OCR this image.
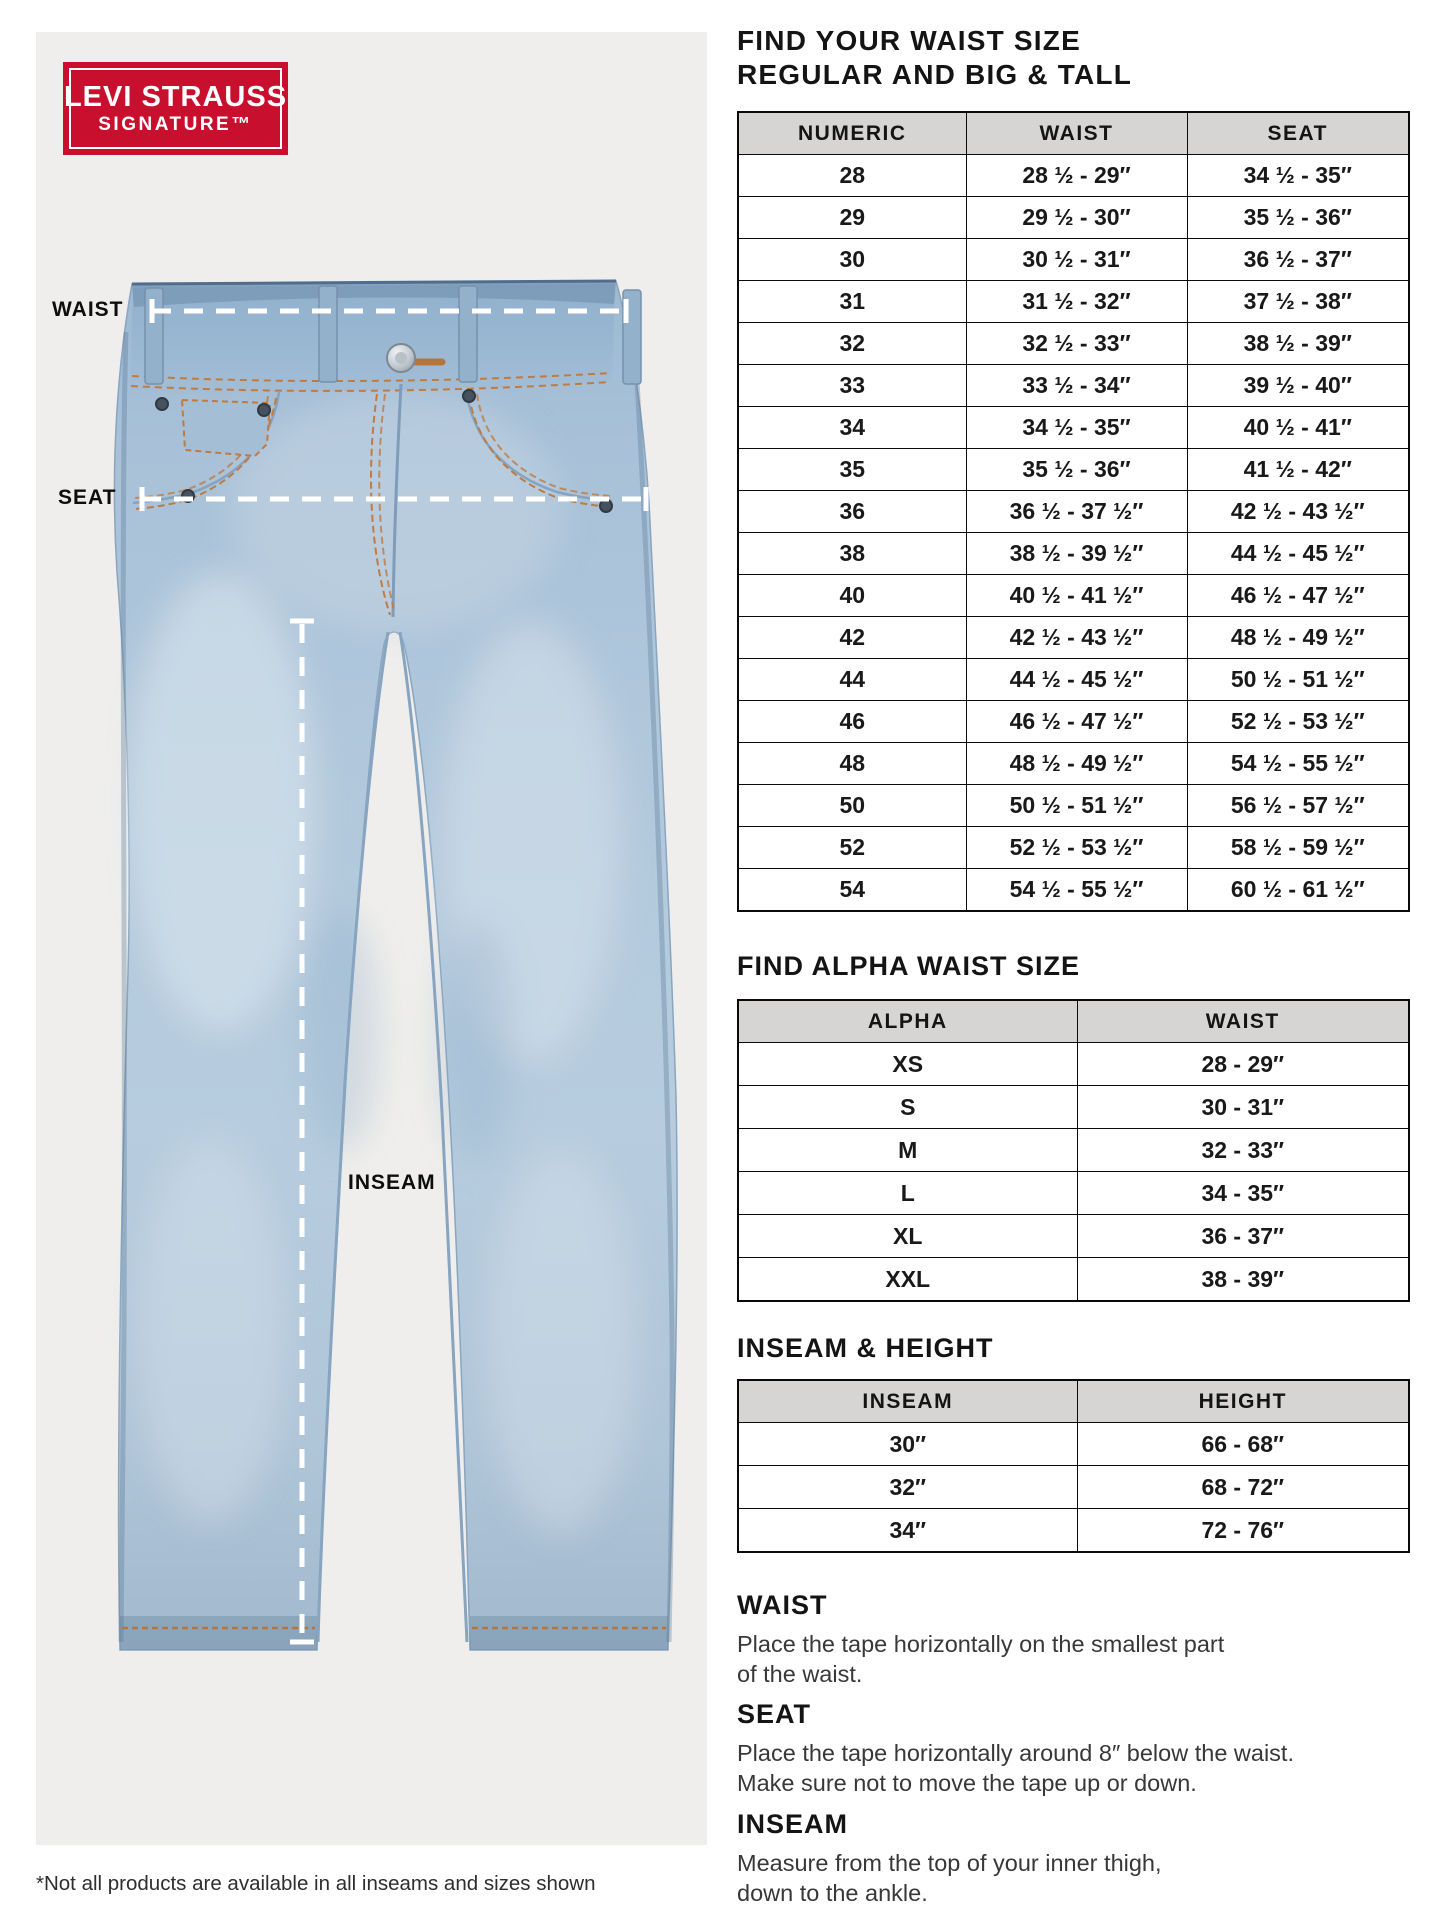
LEVI STRAUSS
SIGNATURE™
WAIST
SEAT
INSEAM
*Not all products are available in all inseams and sizes shown
FIND YOUR WAIST SIZE
REGULAR AND BIG & TALL
NUMERIC	WAIST	SEAT
28	28 ½ - 29″	34 ½ - 35″
29	29 ½ - 30″	35 ½ - 36″
30	30 ½ - 31″	36 ½ - 37″
31	31 ½ - 32″	37 ½ - 38″
32	32 ½ - 33″	38 ½ - 39″
33	33 ½ - 34″	39 ½ - 40″
34	34 ½ - 35″	40 ½ - 41″
35	35 ½ - 36″	41 ½ - 42″
36	36 ½ - 37 ½″	42 ½ - 43 ½″
38	38 ½ - 39 ½″	44 ½ - 45 ½″
40	40 ½ - 41 ½″	46 ½ - 47 ½″
42	42 ½ - 43 ½″	48 ½ - 49 ½″
44	44 ½ - 45 ½″	50 ½ - 51 ½″
46	46 ½ - 47 ½″	52 ½ - 53 ½″
48	48 ½ - 49 ½″	54 ½ - 55 ½″
50	50 ½ - 51 ½″	56 ½ - 57 ½″
52	52 ½ - 53 ½″	58 ½ - 59 ½″
54	54 ½ - 55 ½″	60 ½ - 61 ½″
FIND ALPHA WAIST SIZE
ALPHA	WAIST
XS	28 - 29″
S	30 - 31″
M	32 - 33″
L	34 - 35″
XL	36 - 37″
XXL	38 - 39″
INSEAM & HEIGHT
INSEAM	HEIGHT
30″	66 - 68″
32″	68 - 72″
34″	72 - 76″
WAIST

Place the tape horizontally on the smallest part

of the waist.

SEAT

Place the tape horizontally around 8″ below the waist.

Make sure not to move the tape up or down.

INSEAM

Measure from the top of your inner thigh,

down to the ankle.
